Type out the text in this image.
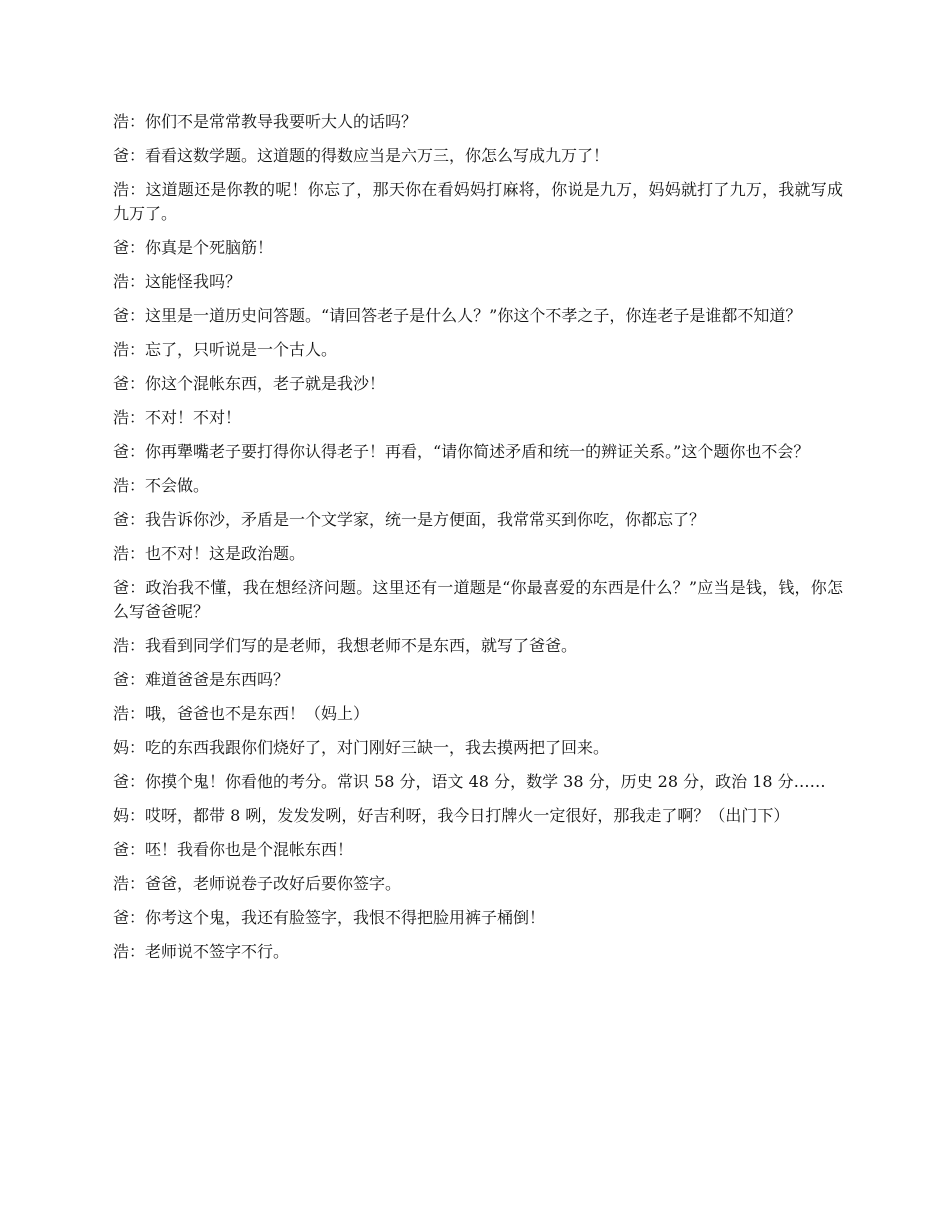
浩：你们不是常常教导我要听大人的话吗？

爸：看看这数学题。这道题的得数应当是六万三，你怎么写成九万了！

浩：这道题还是你教的呢！你忘了，那天你在看妈妈打麻将，你说是九万，妈妈就打了九万，我就写成九万了。

爸：你真是个死脑筋！

浩：这能怪我吗？

爸：这里是一道历史问答题。“请回答老子是什么人？”你这个不孝之子，你连老子是谁都不知道？

浩：忘了，只听说是一个古人。

爸：你这个混帐东西，老子就是我沙！

浩：不对！不对！

爸：你再犟嘴老子要打得你认得老子！再看，“请你简述矛盾和统一的辨证关系。”这个题你也不会？

浩：不会做。

爸：我告诉你沙，矛盾是一个文学家，统一是方便面，我常常买到你吃，你都忘了？

浩：也不对！这是政治题。

爸：政治我不懂，我在想经济问题。这里还有一道题是“你最喜爱的东西是什么？”应当是钱，钱，你怎么写爸爸呢？

浩：我看到同学们写的是老师，我想老师不是东西，就写了爸爸。

爸：难道爸爸是东西吗？

浩：哦，爸爸也不是东西！（妈上）

妈：吃的东西我跟你们烧好了，对门刚好三缺一，我去摸两把了回来。

爸：你摸个鬼！你看他的考分。常识 58 分，语文 48 分，数学 38 分，历史 28 分，政治 18 分……

妈：哎呀，都带 8 咧，发发发咧，好吉利呀，我今日打牌火一定很好，那我走了啊？（出门下）

爸：呸！我看你也是个混帐东西！

浩：爸爸，老师说卷子改好后要你签字。

爸：你考这个鬼，我还有脸签字，我恨不得把脸用裤子桶倒！

浩：老师说不签字不行。
